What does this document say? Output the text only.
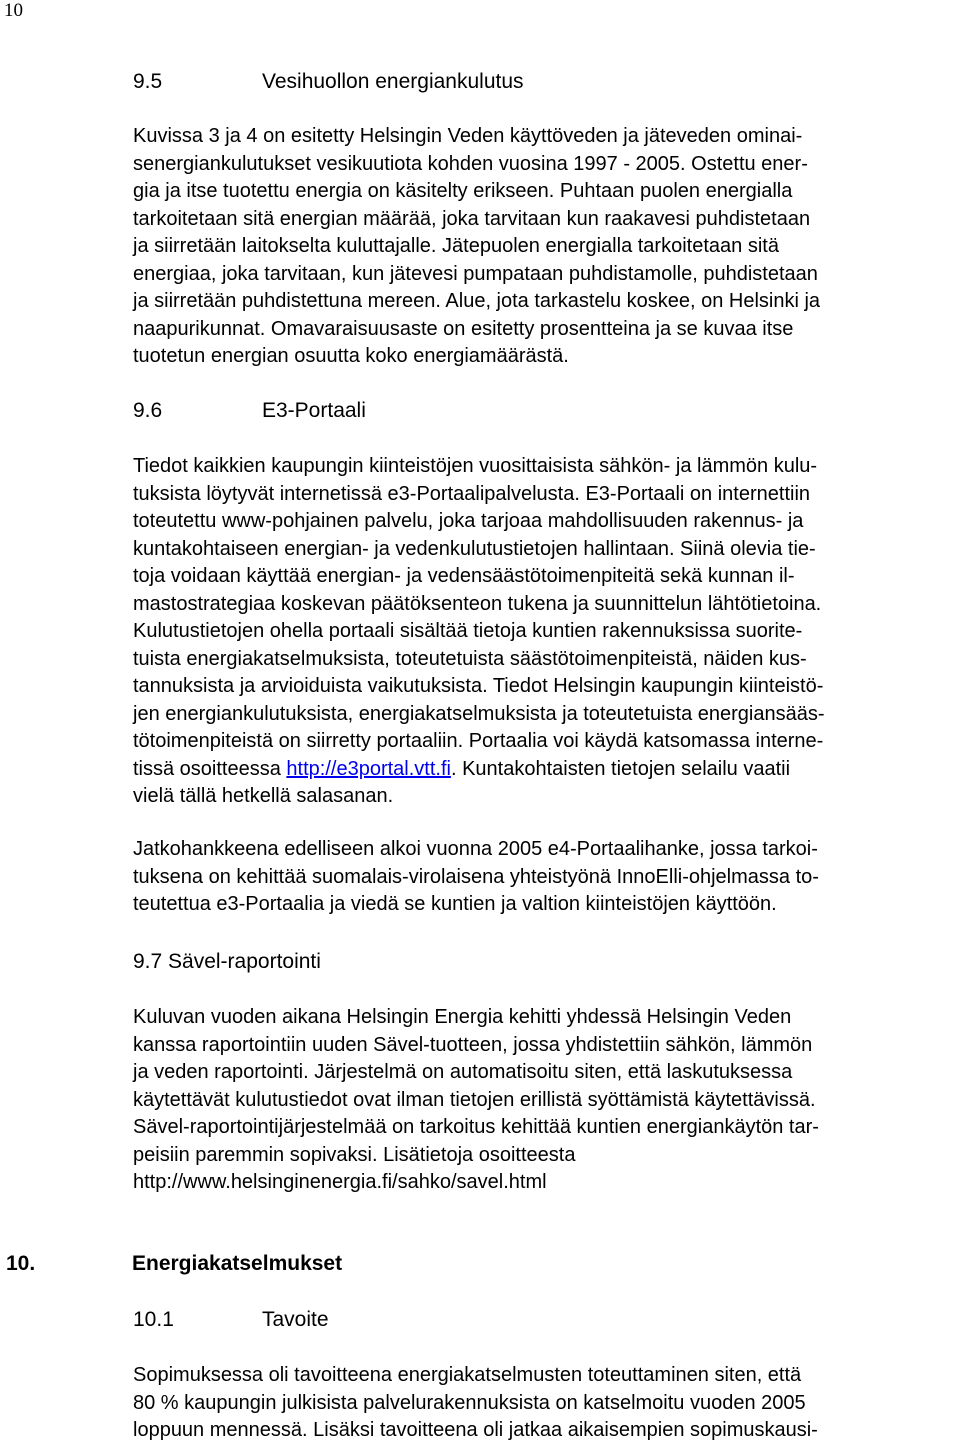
10
9.5	Vesihuollon energiankulutus
Kuvissa 3 ja 4 on esitetty Helsingin Veden käyttöveden ja jäteveden ominai-
senergiankulutukset vesikuutiota kohden vuosina 1997 - 2005. Ostettu ener-
gia ja itse tuotettu energia on käsitelty erikseen. Puhtaan puolen energialla
tarkoitetaan sitä energian määrää, joka tarvitaan kun raakavesi puhdistetaan
ja siirretään laitokselta kuluttajalle. Jätepuolen energialla tarkoitetaan sitä
energiaa, joka tarvitaan, kun jätevesi pumpataan puhdistamolle, puhdistetaan
ja siirretään puhdistettuna mereen. Alue, jota tarkastelu koskee, on Helsinki ja
naapurikunnat. Omavaraisuusaste on esitetty prosentteina ja se kuvaa itse
tuotetun energian osuutta koko energiamäärästä.
9.6	E3-Portaali
Tiedot kaikkien kaupungin kiinteistöjen vuosittaisista sähkön- ja lämmön kulu-
tuksista löytyvät internetissä e3-Portaalipalvelusta. E3-Portaali on internettiin
toteutettu www-pohjainen palvelu, joka tarjoaa mahdollisuuden rakennus- ja
kuntakohtaiseen energian- ja vedenkulutustietojen hallintaan. Siinä olevia tie-
toja voidaan käyttää energian- ja vedensäästötoimenpiteitä sekä kunnan il-
mastostrategiaa koskevan päätöksenteon tukena ja suunnittelun lähtötietoina.
Kulutustietojen ohella portaali sisältää tietoja kuntien rakennuksissa suorite-
tuista energiakatselmuksista, toteutetuista säästötoimenpiteistä, näiden kus-
tannuksista ja arvioiduista vaikutuksista. Tiedot Helsingin kaupungin kiinteistö-
jen energiankulutuksista, energiakatselmuksista ja toteutetuista energiansääs-
tötoimenpiteistä on siirretty portaaliin. Portaalia voi käydä katsomassa interne-
tissä osoitteessa http://e3portal.vtt.fi. Kuntakohtaisten tietojen selailu vaatii
vielä tällä hetkellä salasanan.
Jatkohankkeena edelliseen alkoi vuonna 2005 e4-Portaalihanke, jossa tarkoi-
tuksena on kehittää suomalais-virolaisena yhteistyönä InnoElli-ohjelmassa to-
teutettua e3-Portaalia ja viedä se kuntien ja valtion kiinteistöjen käyttöön.
9.7 Sävel-raportointi
Kuluvan vuoden aikana Helsingin Energia kehitti yhdessä Helsingin Veden
kanssa raportointiin uuden Sävel-tuotteen, jossa yhdistettiin sähkön, lämmön
ja veden raportointi. Järjestelmä on automatisoitu siten, että laskutuksessa
käytettävät kulutustiedot ovat ilman tietojen erillistä syöttämistä käytettävissä.
Sävel-raportointijärjestelmää on tarkoitus kehittää kuntien energiankäytön tar-
peisiin paremmin sopivaksi. Lisätietoja osoitteesta
http://www.helsinginenergia.fi/sahko/savel.html
10.	Energiakatselmukset
10.1	Tavoite
Sopimuksessa oli tavoitteena energiakatselmusten toteuttaminen siten, että
80 % kaupungin julkisista palvelurakennuksista on katselmoitu vuoden 2005
loppuun mennessä. Lisäksi tavoitteena oli jatkaa aikaisempien sopimuskausi-
